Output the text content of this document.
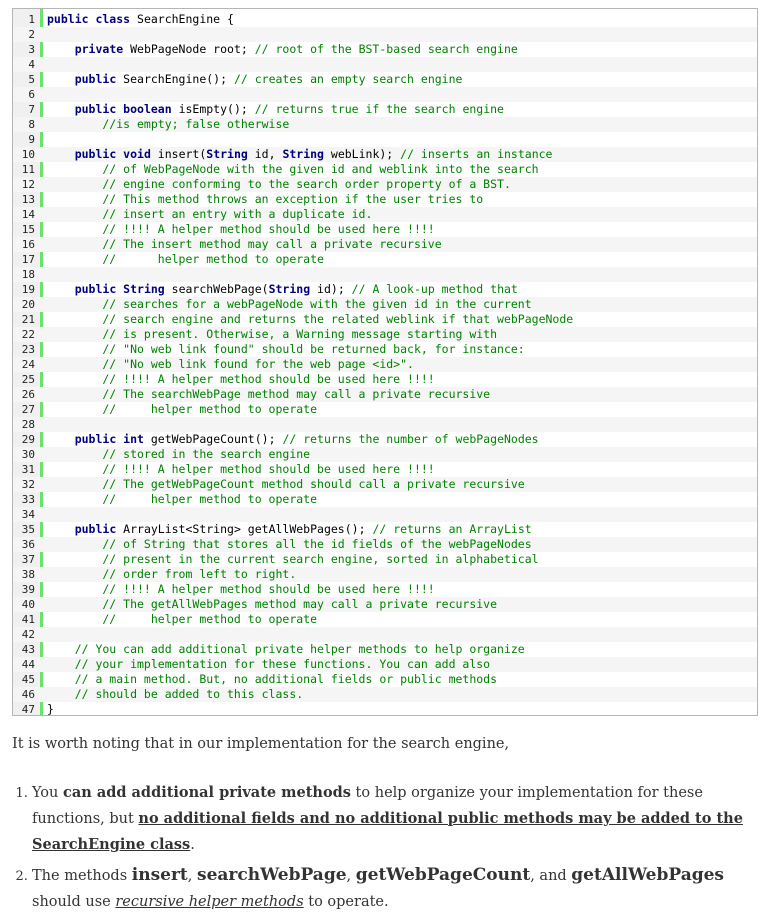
1 public class SearchEngine {
2
3	private WebPageNode root; // root of the BST-based search engine
4
5	public SearchEngine(); // creates an empty search engine
6
7	public boolean isEmpty(); // returns true if the search engine
8 //is empty; false otherwise
9
10	public void insert(String id, String webLink); // inserts an instance
11 // of WebPageNode with the given id and weblink into the search
12 // engine conforming to the search order property of a BST.
13 // This method throws an exception if the user tries to
14 // insert an entry with a duplicate id.
15 // !!!! A helper method should be used here !!!!
16 // The insert method may call a private recursive
17 //      helper method to operate
18
19	public String searchWebPage(String id); // A look-up method that
20 // searches for a webPageNode with the given id in the current
21 // search engine and returns the related weblink if that webPageNode
22 // is present. Otherwise, a Warning message starting with
23 // "No web link found" should be returned back, for instance:
24 // "No web link found for the web page <id>".
25 // !!!! A helper method should be used here !!!!
26 // The searchWebPage method may call a private recursive
27 //     helper method to operate
28
29	public int getWebPageCount(); // returns the number of webPageNodes
30 // stored in the search engine
31 // !!!! A helper method should be used here !!!!
32 // The getWebPageCount method should call a private recursive
33 //     helper method to operate
34
35	public ArrayList<String> getAllWebPages(); // returns an ArrayList
36 // of String that stores all the id fields of the webPageNodes
37 // present in the current search engine, sorted in alphabetical
38 // order from left to right.
39 // !!!! A helper method should be used here !!!!
40 // The getAllWebPages method may call a private recursive
41 //     helper method to operate
42
43 // You can add additional private helper methods to help organize
44 // your implementation for these functions. You can add also
45 // a main method. But, no additional fields or public methods
46 // should be added to this class.
47 }
It is worth noting that in our implementation for the search engine,
1. You can add additional private methods to help organize your implementation for these functions, but no additional fields and no additional public methods may be added to the SearchEngine class.
2. The methods insert, searchWebPage, getWebPageCount, and getAllWebPages should use recursive helper methods to operate.
